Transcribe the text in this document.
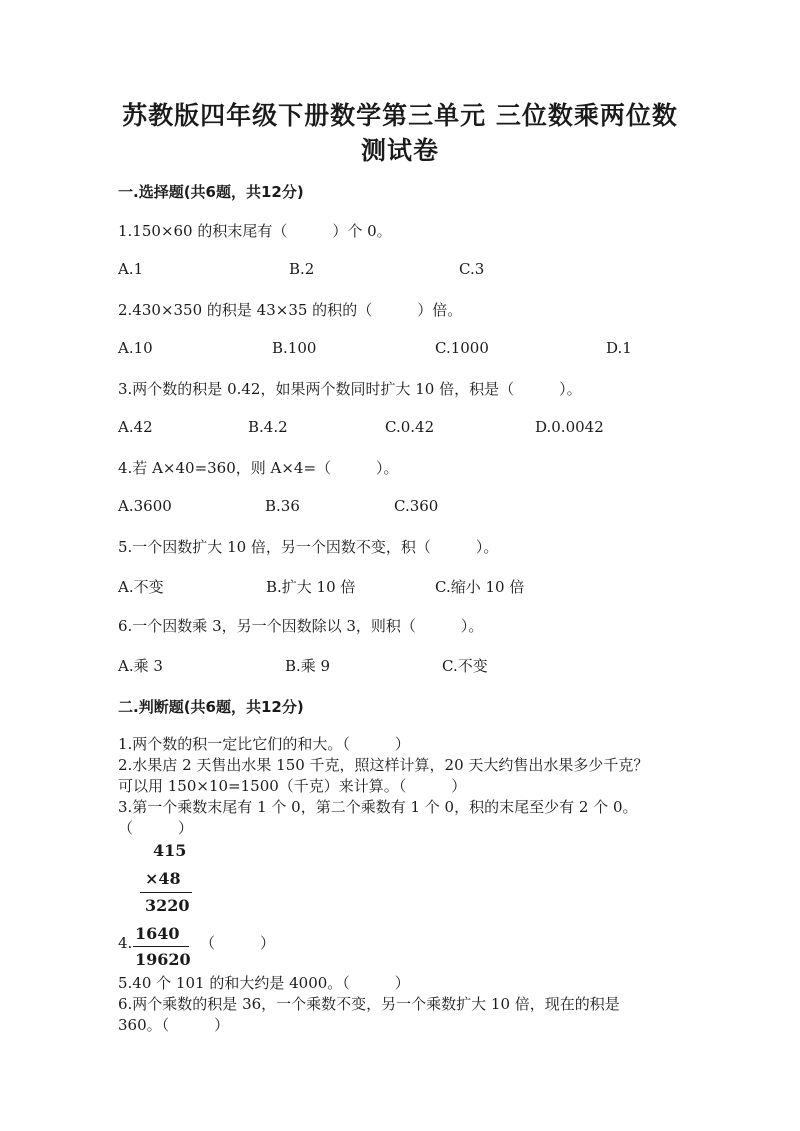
苏教版四年级下册数学第三单元 三位数乘两位数
测试卷
一.选择题(共6题，共12分)
1.150×60 的积末尾有（　　　）个 0。
A.1	B.2	C.3
2.430×350 的积是 43×35 的积的（　　　）倍。
A.10	B.100	C.1000	D.1
3.两个数的积是 0.42，如果两个数同时扩大 10 倍，积是（　　　）。
A.42	B.4.2	C.0.42	D.0.0042
4.若 A×40=360，则 A×4=（　　　）。
A.3600	B.36	C.360
5.一个因数扩大 10 倍，另一个因数不变，积（　　　）。
A.不变	B.扩大 10 倍	C.缩小 10 倍
6.一个因数乘 3，另一个因数除以 3，则积（　　　）。
A.乘 3	B.乘 9	C.不变
二.判断题(共6题，共12分)
1.两个数的积一定比它们的和大。（　　　）
2.水果店 2 天售出水果 150 千克，照这样计算，20 天大约售出水果多少千克？
可以用 150×10=1500（千克）来计算。（　　　）
3.第一个乘数末尾有 1 个 0，第二个乘数有 1 个 0，积的末尾至少有 2 个 0。
（　　　）
415
×48
3220
4. 1640
19620
（　　　）
5.40 个 101 的和大约是 4000。（　　　）
6.两个乘数的积是 36，一个乘数不变，另一个乘数扩大 10 倍，现在的积是
360。（　　　）
